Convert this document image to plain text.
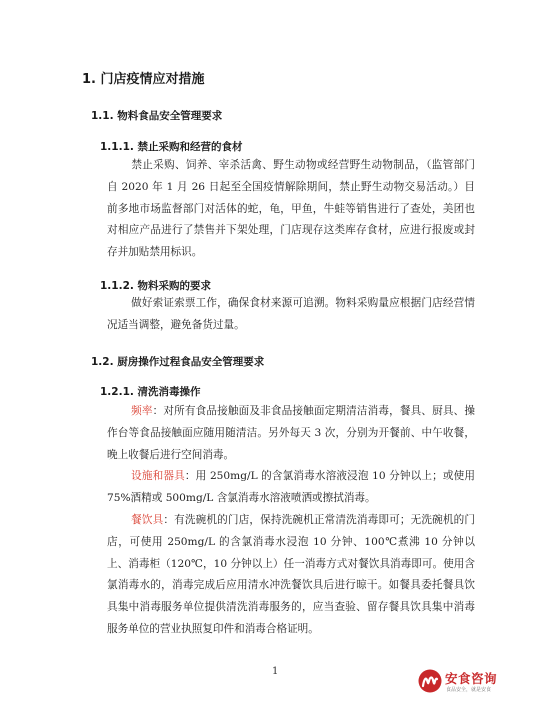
1. 门店疫情应对措施
1.1. 物料食品安全管理要求
1.1.1. 禁止采购和经营的食材
禁止采购、饲养、宰杀活禽、野生动物或经营野生动物制品，（监管部门自 2020 年 1 月 26 日起至全国疫情解除期间，禁止野生动物交易活动。）目前多地市场监督部门对活体的蛇，龟，甲鱼，牛蛙等销售进行了查处，美团也对相应产品进行了禁售并下架处理，门店现存这类库存食材，应进行报废或封存并加贴禁用标识。
1.1.2. 物料采购的要求
做好索证索票工作，确保食材来源可追溯。物料采购量应根据门店经营情况适当调整，避免备货过量。
1.2. 厨房操作过程食品安全管理要求
1.2.1. 清洗消毒操作
频率：对所有食品接触面及非食品接触面定期清洁消毒，餐具、厨具、操作台等食品接触面应随用随清洁。另外每天 3 次，分别为开餐前、中午收餐，晚上收餐后进行空间消毒。
设施和器具：用 250mg/L 的含氯消毒水溶液浸泡 10 分钟以上；或使用 75%酒精或 500mg/L 含氯消毒水溶液喷洒或擦拭消毒。
餐饮具：有洗碗机的门店，保持洗碗机正常清洗消毒即可；无洗碗机的门店，可使用 250mg/L 的含氯消毒水浸泡 10 分钟、100℃煮沸 10 分钟以上、消毒柜（120℃，10 分钟以上）任一消毒方式对餐饮具消毒即可。使用含氯消毒水的，消毒完成后应用清水冲洗餐饮具后进行晾干。如餐具委托餐具饮具集中消毒服务单位提供清洗消毒服务的，应当查验、留存餐具饮具集中消毒服务单位的营业执照复印件和消毒合格证明。
1	安食咨询
食品安全，就是安食
